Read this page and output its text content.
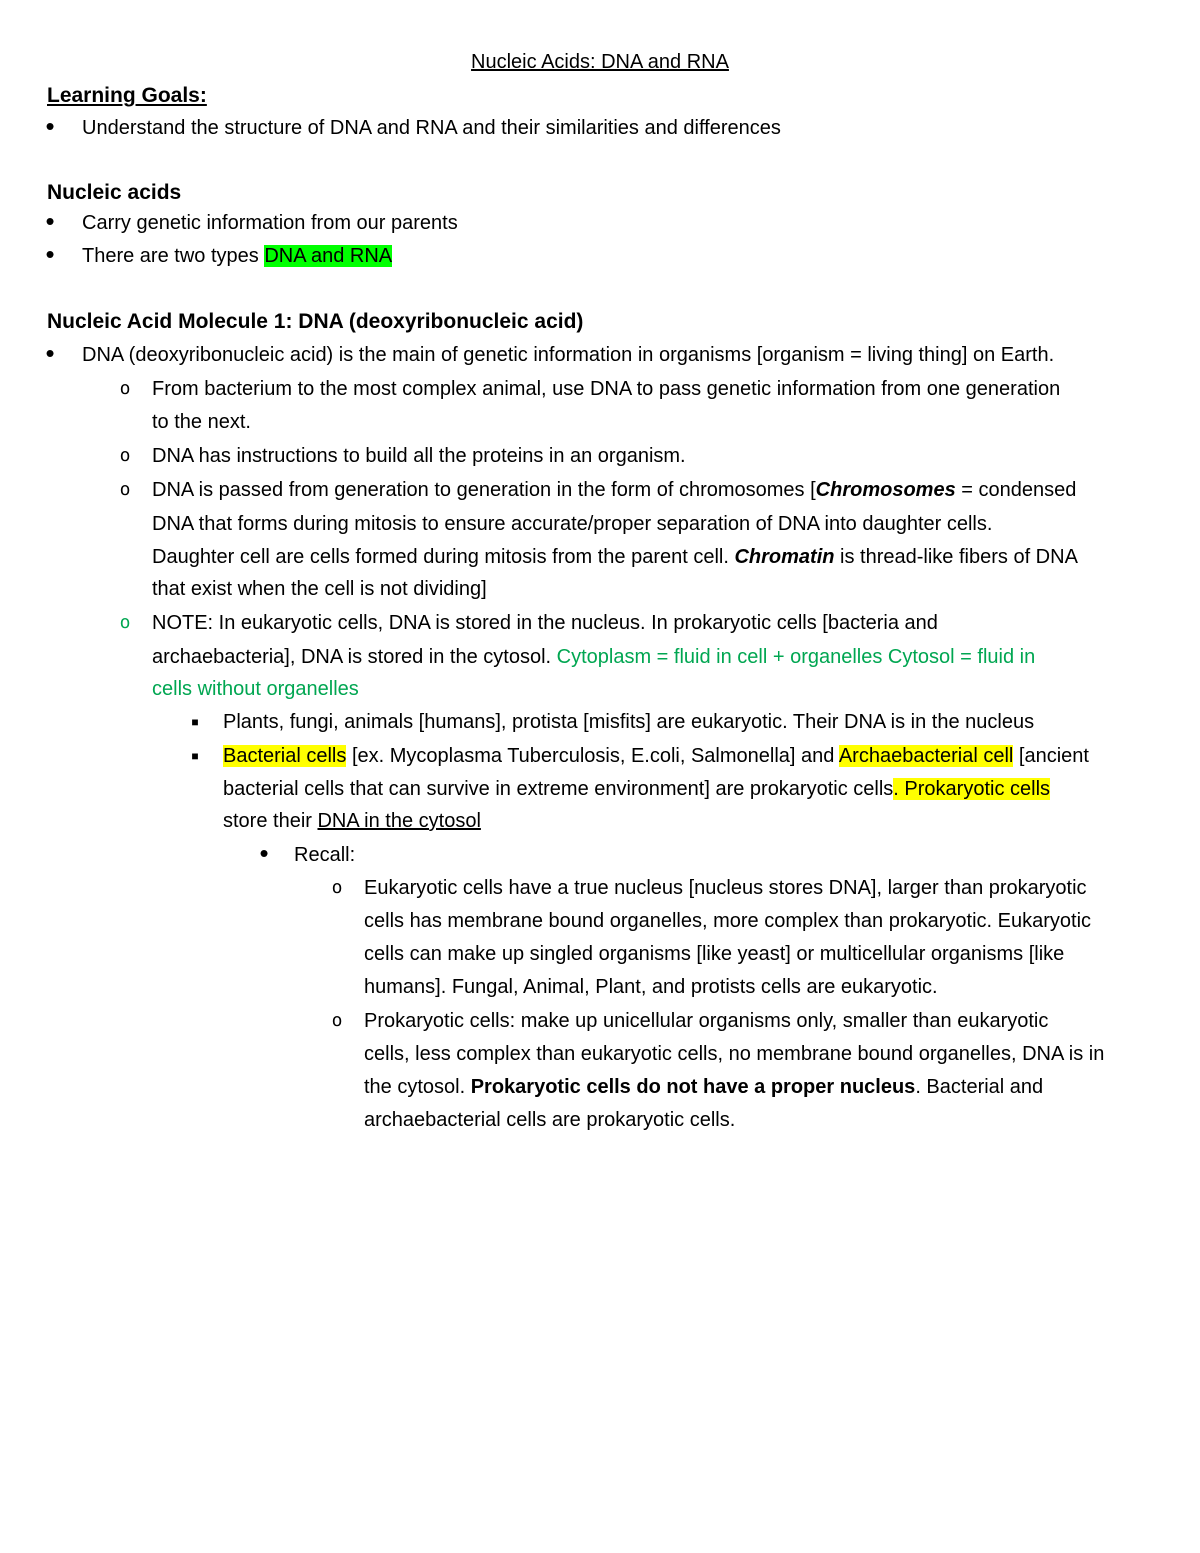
Nucleic Acids: DNA and RNA
Learning Goals:
• Understand the structure of DNA and RNA and their similarities and differences
Nucleic acids
• Carry genetic information from our parents
• There are two types DNA and RNA
Nucleic Acid Molecule 1: DNA (deoxyribonucleic acid)
• DNA (deoxyribonucleic acid) is the main of genetic information in organisms [organism = living thing] on Earth.
o From bacterium to the most complex animal, use DNA to pass genetic information from one generation
to the next.
o DNA has instructions to build all the proteins in an organism.
o DNA is passed from generation to generation in the form of chromosomes [Chromosomes = condensed
DNA that forms during mitosis to ensure accurate/proper separation of DNA into daughter cells.
Daughter cell are cells formed during mitosis from the parent cell. Chromatin is thread-like fibers of DNA
that exist when the cell is not dividing]
o NOTE: In eukaryotic cells, DNA is stored in the nucleus. In prokaryotic cells [bacteria and
archaebacteria], DNA is stored in the cytosol. Cytoplasm = fluid in cell + organelles Cytosol = fluid in
cells without organelles
■	Plants, fungi, animals [humans], protista [misfits] are eukaryotic. Their DNA is in the nucleus
■	Bacterial cells [ex. Mycoplasma Tuberculosis, E.coli, Salmonella] and Archaebacterial cell [ancient
bacterial cells that can survive in extreme environment] are prokaryotic cells. Prokaryotic cells
store their DNA in the cytosol
• Recall:
o Eukaryotic cells have a true nucleus [nucleus stores DNA], larger than prokaryotic
cells has membrane bound organelles, more complex than prokaryotic. Eukaryotic
cells can make up singled organisms [like yeast] or multicellular organisms [like
humans]. Fungal, Animal, Plant, and protists cells are eukaryotic.
o Prokaryotic cells: make up unicellular organisms only, smaller than eukaryotic
cells, less complex than eukaryotic cells, no membrane bound organelles, DNA is in
the cytosol. Prokaryotic cells do not have a proper nucleus. Bacterial and
archaebacterial cells are prokaryotic cells.
